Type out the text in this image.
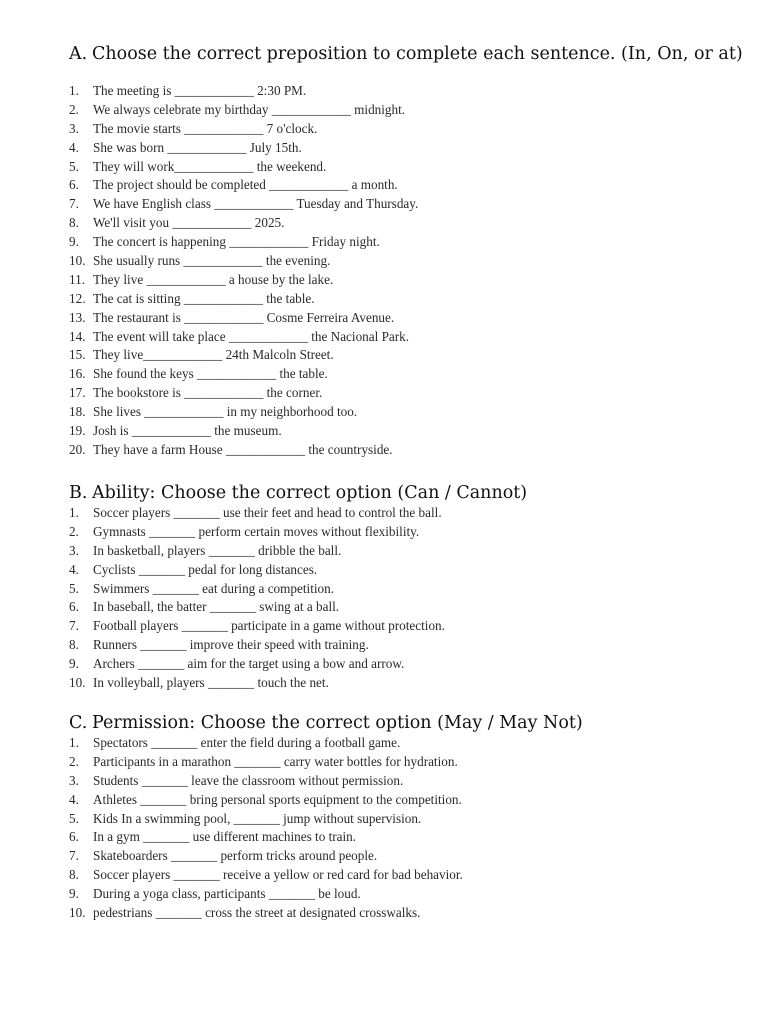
A. Choose the correct preposition to complete each sentence. (In, On, or at)
1. The meeting is ____________ 2:30 PM.
2. We always celebrate my birthday ____________ midnight.
3. The movie starts ____________ 7 o'clock.
4. She was born ____________ July 15th.
5. They will work____________ the weekend.
6. The project should be completed ____________ a month.
7. We have English class ____________ Tuesday and Thursday.
8. We'll visit you ____________ 2025.
9. The concert is happening ____________ Friday night.
10. She usually runs ____________ the evening.
11. They live ____________ a house by the lake.
12. The cat is sitting ____________ the table.
13. The restaurant is ____________ Cosme Ferreira Avenue.
14. The event will take place ____________ the Nacional Park.
15. They live____________ 24th Malcoln Street.
16. She found the keys ____________ the table.
17. The bookstore is ____________ the corner.
18. She lives ____________ in my neighborhood too.
19. Josh is ____________ the museum.
20. They have a farm House ____________ the countryside.
B. Ability: Choose the correct option (Can / Cannot)
1. Soccer players _______ use their feet and head to control the ball.
2. Gymnasts _______ perform certain moves without flexibility.
3. In basketball, players _______ dribble the ball.
4. Cyclists _______ pedal for long distances.
5. Swimmers _______ eat during a competition.
6. In baseball, the batter _______ swing at a ball.
7. Football players _______ participate in a game without protection.
8. Runners _______ improve their speed with training.
9. Archers _______ aim for the target using a bow and arrow.
10. In volleyball, players _______ touch the net.
C. Permission: Choose the correct option (May / May Not)
1. Spectators _______ enter the field during a football game.
2. Participants in a marathon _______ carry water bottles for hydration.
3. Students _______ leave the classroom without permission.
4. Athletes _______ bring personal sports equipment to the competition.
5. Kids In a swimming pool, _______ jump without supervision.
6. In a gym _______ use different machines to train.
7. Skateboarders _______ perform tricks around people.
8. Soccer players _______ receive a yellow or red card for bad behavior.
9. During a yoga class, participants _______ be loud.
10. pedestrians _______ cross the street at designated crosswalks.
